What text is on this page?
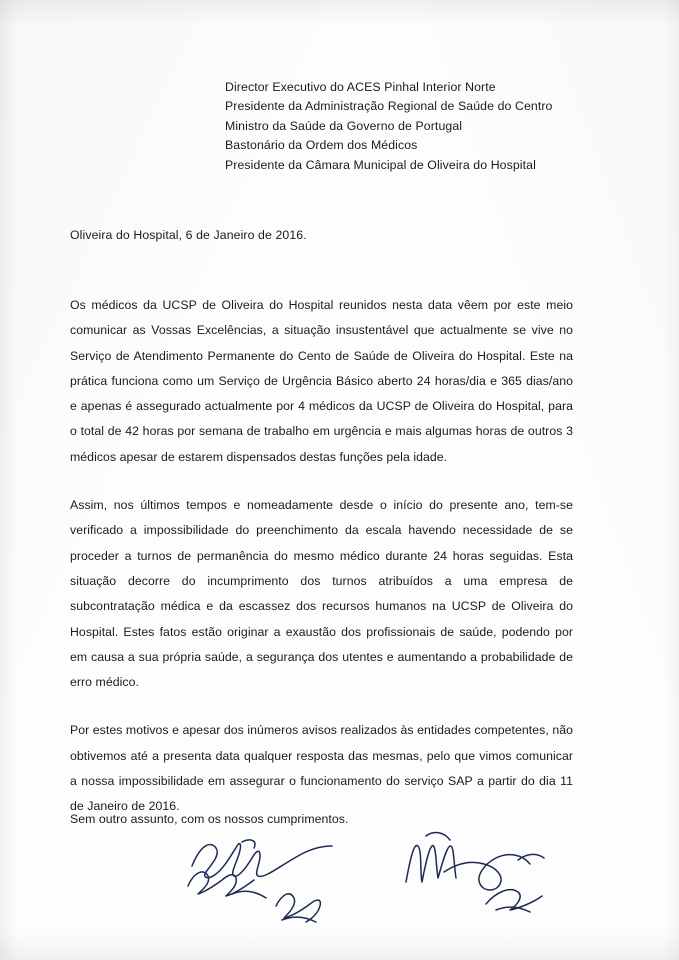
Director Executivo do ACES Pinhal Interior Norte
Presidente da Administração Regional de Saúde do Centro
Ministro da Saúde da Governo de Portugal
Bastonário da Ordem dos Médicos
Presidente da Câmara Municipal de Oliveira do Hospital
Oliveira do Hospital, 6 de Janeiro de 2016.

Os médicos da UCSP de Oliveira do Hospital reunidos nesta data vêem por este meio comunicar as Vossas Excelências, a situação insustentável que actualmente se vive no Serviço de Atendimento Permanente do Cento de Saúde de Oliveira do Hospital. Este na prática funciona como um Serviço de Urgência Básico aberto 24 horas/dia e 365 dias/ano e apenas é assegurado actualmente por 4 médicos da UCSP de Oliveira do Hospital, para o total de 42 horas por semana de trabalho em urgência e mais algumas horas de outros 3 médicos apesar de estarem dispensados destas funções pela idade.

Assim, nos últimos tempos e nomeadamente desde o início do presente ano, tem-se verificado a impossibilidade do preenchimento da escala havendo necessidade de se proceder a turnos de permanência do mesmo médico durante 24 horas seguidas. Esta situação decorre do incumprimento dos turnos atribuídos a uma empresa de subcontratação médica e da escassez dos recursos humanos na UCSP de Oliveira do Hospital. Estes fatos estão originar a exaustão dos profissionais de saúde, podendo por em causa a sua própria saúde, a segurança dos utentes e aumentando a probabilidade de erro médico.

Por estes motivos e apesar dos inúmeros avisos realizados às entidades competentes, não obtivemos até a presenta data qualquer resposta das mesmas, pelo que vimos comunicar a nossa impossibilidade em assegurar o funcionamento do serviço SAP a partir do dia 11 de Janeiro de 2016.

Sem outro assunto, com os nossos cumprimentos.
